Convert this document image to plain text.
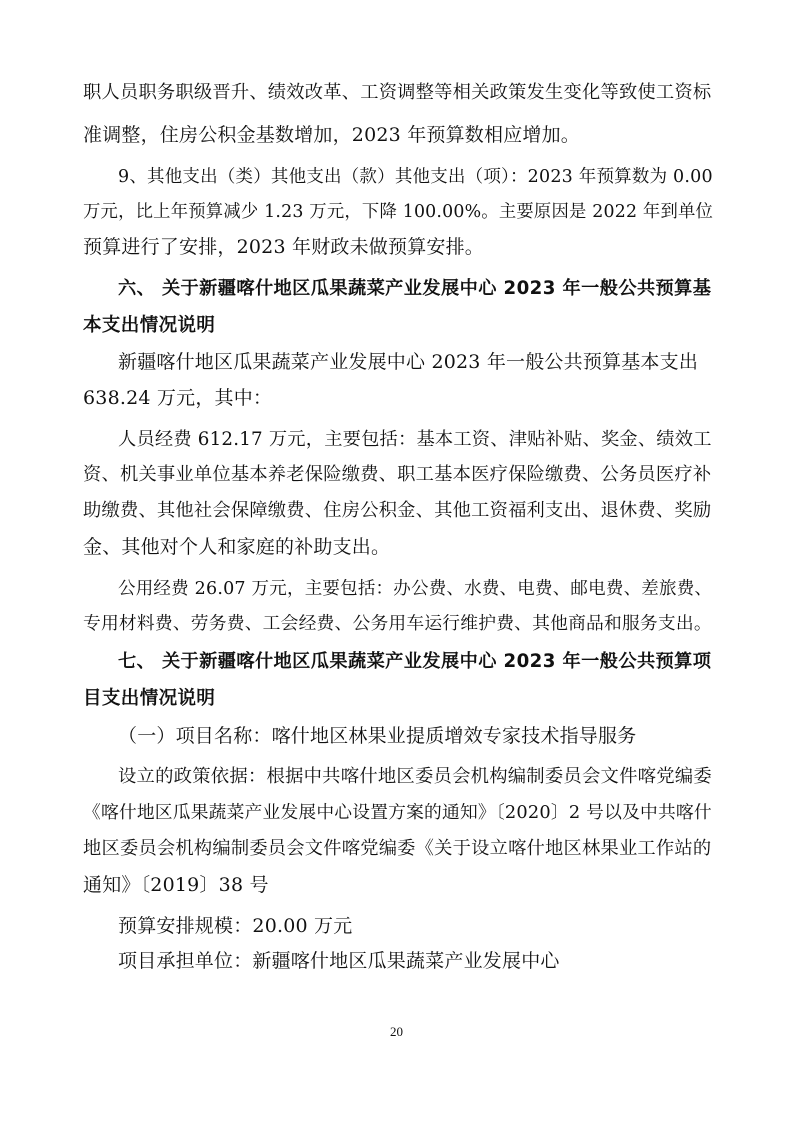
职人员职务职级晋升、绩效改革、工资调整等相关政策发生变化等致使工资标
准调整，住房公积金基数增加，2023 年预算数相应增加。
9、其他支出（类）其他支出（款）其他支出（项）：2023 年预算数为 0.00
万元，比上年预算减少 1.23 万元，下降 100.00%。主要原因是 2022 年到单位
预算进行了安排，2023 年财政未做预算安排。
六、 关于新疆喀什地区瓜果蔬菜产业发展中心 2023 年一般公共预算基
本支出情况说明
新疆喀什地区瓜果蔬菜产业发展中心 2023 年一般公共预算基本支出
638.24 万元，其中：
人员经费 612.17 万元，主要包括：基本工资、津贴补贴、奖金、绩效工
资、机关事业单位基本养老保险缴费、职工基本医疗保险缴费、公务员医疗补
助缴费、其他社会保障缴费、住房公积金、其他工资福利支出、退休费、奖励
金、其他对个人和家庭的补助支出。
公用经费 26.07 万元，主要包括：办公费、水费、电费、邮电费、差旅费、
专用材料费、劳务费、工会经费、公务用车运行维护费、其他商品和服务支出。
七、 关于新疆喀什地区瓜果蔬菜产业发展中心 2023 年一般公共预算项
目支出情况说明
（一）项目名称：喀什地区林果业提质增效专家技术指导服务
设立的政策依据：根据中共喀什地区委员会机构编制委员会文件喀党编委
《喀什地区瓜果蔬菜产业发展中心设置方案的通知》〔2020〕2 号以及中共喀什
地区委员会机构编制委员会文件喀党编委《关于设立喀什地区林果业工作站的
通知》〔2019〕38 号
预算安排规模：20.00 万元
项目承担单位：新疆喀什地区瓜果蔬菜产业发展中心
20
